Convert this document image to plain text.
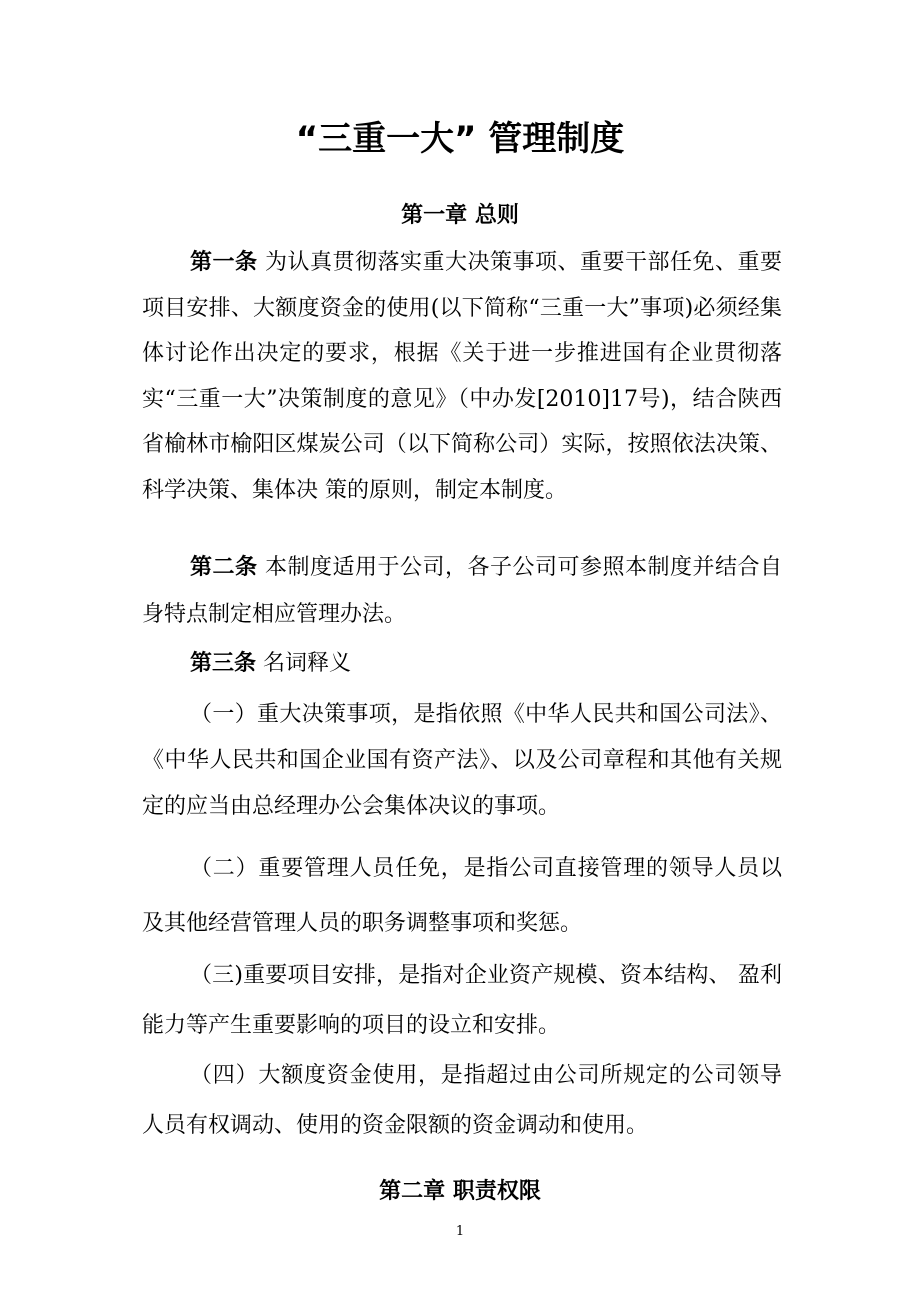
“三重一大” 管理制度
第一章 总则

第一条 为认真贯彻落实重大决策事项、重要干部任免、重要项目安排、大额度资金的使用(以下简称“三重一大”事项)必须经集体讨论作出决定的要求，根据《关于进一步推进国有企业贯彻落实“三重一大”决策制度的意见》（中办发[2010]17号)，结合陕西省榆林市榆阳区煤炭公司（以下简称公司）实际，按照依法决策、科学决策、集体决 策的原则，制定本制度。

第二条 本制度适用于公司，各子公司可参照本制度并结合自身特点制定相应管理办法。

第三条 名词释义

（一）重大决策事项，是指依照《中华人民共和国公司法》、《中华人民共和国企业国有资产法》、以及公司章程和其他有关规定的应当由总经理办公会集体决议的事项。

（二）重要管理人员任免，是指公司直接管理的领导人员以及其他经营管理人员的职务调整事项和奖惩。

（三)重要项目安排，是指对企业资产规模、资本结构、 盈利能力等产生重要影响的项目的设立和安排。

（四）大额度资金使用，是指超过由公司所规定的公司领导人员有权调动、使用的资金限额的资金调动和使用。

第二章 职责权限
1
